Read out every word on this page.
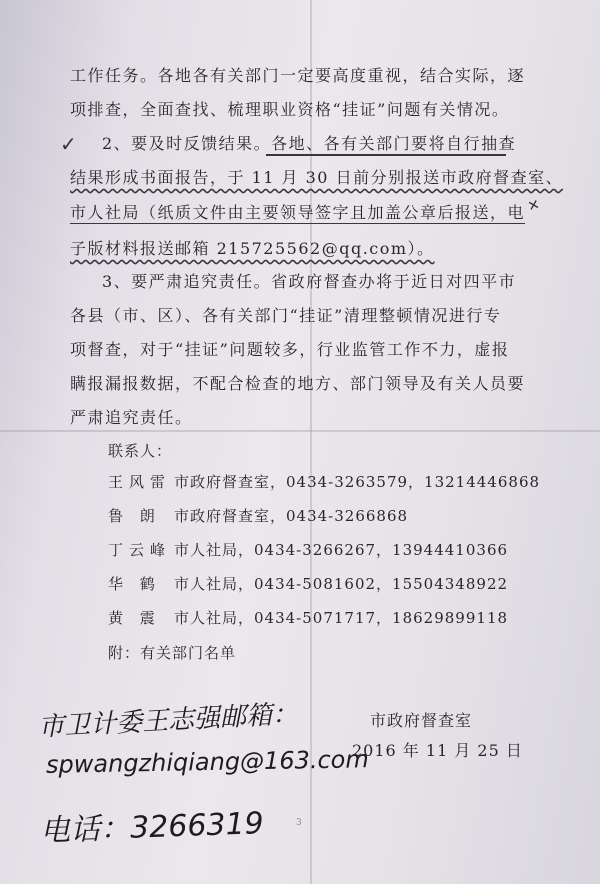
工作任务。各地各有关部门一定要高度重视，结合实际，逐
项排查，全面查找、梳理职业资格“挂证”问题有关情况。
✓ 2、要及时反馈结果。各地、各有关部门要将自行抽查
结果形成书面报告，于 11 月 30 日前分别报送市政府督查室、
市人社局（纸质文件由主要领导签字且加盖公章后报送，电 ✕
子版材料报送邮箱 215725562@qq.com）。
3、要严肃追究责任。省政府督查办将于近日对四平市
各县（市、区）、各有关部门“挂证”清理整顿情况进行专
项督查，对于“挂证”问题较多，行业监管工作不力，虚报
瞒报漏报数据，不配合检查的地方、部门领导及有关人员要
严肃追究责任。
联系人：
王风雷 市政府督查室，0434-3263579，13214446868
鲁 朗 市政府督查室，0434-3266868
丁云峰 市人社局，0434-3266267，13944410366
华 鹤 市人社局，0434-5081602，15504348922
黄 震 市人社局，0434-5071717，18629899118
附：有关部门名单
市卫计委王志强邮箱：
spwangzhiqiang@163.com
电话：3266319
市政府督查室
2016 年 11 月 25 日
3
